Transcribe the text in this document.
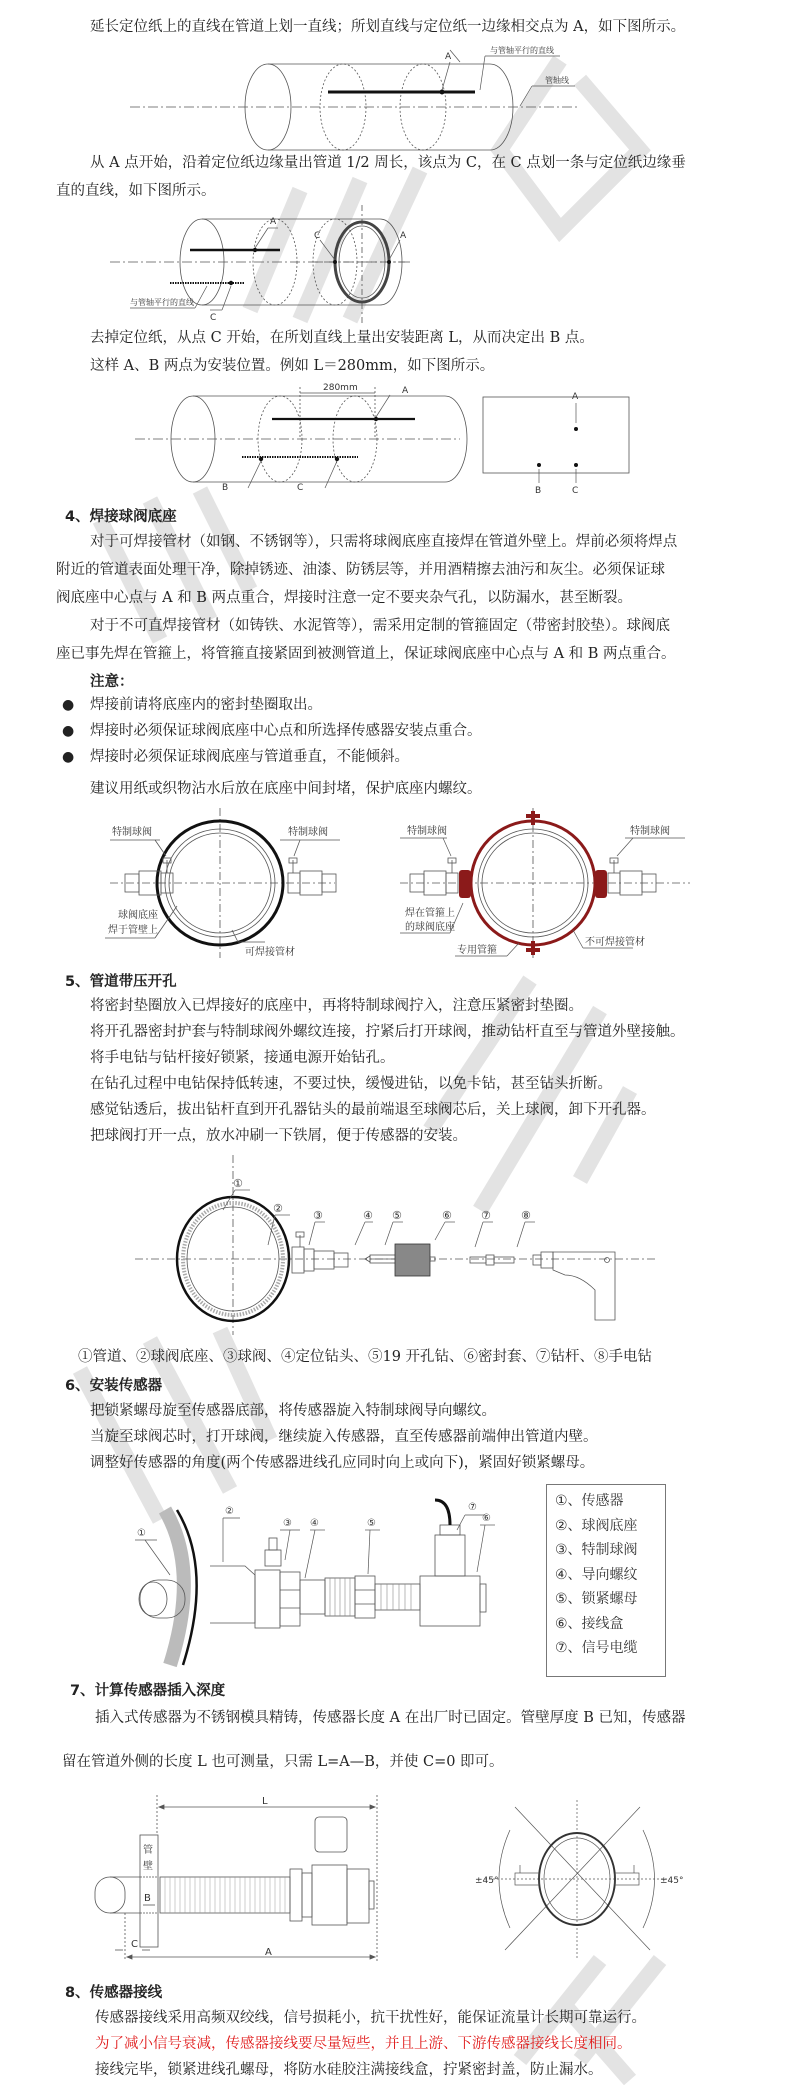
延长定位纸上的直线在管道上划一直线；所划直线与定位纸一边缘相交点为 A，如下图所示。
A
与管轴平行的直线
管轴线
从 A 点开始，沿着定位纸边缘量出管道 1/2 周长，该点为 C，在 C 点划一条与定位纸边缘垂
直的直线，如下图所示。
A
C
与管轴平行的直线
C	A
去掉定位纸，从点 C 开始，在所划直线上量出安装距离 L，从而决定出 B 点。
这样 A、B 两点为安装位置。例如 L＝280mm，如下图所示。
280mm	A
B	C
A
B	C
4、焊接球阀底座
对于可焊接管材（如钢、不锈钢等），只需将球阀底座直接焊在管道外壁上。焊前必须将焊点
附近的管道表面处理干净，除掉锈迹、油漆、防锈层等，并用酒精擦去油污和灰尘。必须保证球
阀底座中心点与 A 和 B 两点重合，焊接时注意一定不要夹杂气孔，以防漏水，甚至断裂。
对于不可直焊接管材（如铸铁、水泥管等），需采用定制的管箍固定（带密封胶垫）。球阀底
座已事先焊在管箍上，将管箍直接紧固到被测管道上，保证球阀底座中心点与 A 和 B 两点重合。
注意：
● 焊接前请将底座内的密封垫圈取出。
● 焊接时必须保证球阀底座中心点和所选择传感器安装点重合。
● 焊接时必须保证球阀底座与管道垂直，不能倾斜。
建议用纸或织物沾水后放在底座中间封堵，保护底座内螺纹。
特制球阀	特制球阀
球阀底座
焊于管壁上
可焊接管材
特制球阀	特制球阀
焊在管箍上
的球阀底座
专用管箍
不可焊接管材
5、管道带压开孔
将密封垫圈放入已焊接好的底座中，再将特制球阀拧入，注意压紧密封垫圈。
将开孔器密封护套与特制球阀外螺纹连接，拧紧后打开球阀，推动钻杆直至与管道外壁接触。
将手电钻与钻杆接好锁紧，接通电源开始钻孔。
在钻孔过程中电钻保持低转速，不要过快，缓慢进钻，以免卡钻，甚至钻头折断。
感觉钻透后，拔出钻杆直到开孔器钻头的最前端退至球阀芯后，关上球阀，卸下开孔器。
把球阀打开一点，放水冲刷一下铁屑，便于传感器的安装。
①
②
③	④ ⑤	⑥	⑦	⑧
①管道、②球阀底座、③球阀、④定位钻头、⑤19 开孔钻、⑥密封套、⑦钻杆、⑧手电钻
6、安装传感器
把锁紧螺母旋至传感器底部，将传感器旋入特制球阀导向螺纹。
当旋至球阀芯时，打开球阀，继续旋入传感器，直至传感器前端伸出管道内壁。
调整好传感器的角度(两个传感器进线孔应同时向上或向下)，紧固好锁紧螺母。
①
②
③ ④	⑤	⑥
⑦	①、传感器
②、球阀底座
③、特制球阀
④、导向螺纹
⑤、锁紧螺母
⑥、接线盒
⑦、信号电缆
7、计算传感器插入深度
插入式传感器为不锈钢模具精铸，传感器长度 A 在出厂时已固定。管壁厚度 B 已知，传感器
留在管道外侧的长度 L 也可测量，只需 L=A—B，并使 C=0 即可。
L
管
壁
B
C
A
±45°	±45°
8、传感器接线
传感器接线采用高频双绞线，信号损耗小，抗干扰性好，能保证流量计长期可靠运行。
为了减小信号衰减，传感器接线要尽量短些，并且上游、下游传感器接线长度相同。
接线完毕，锁紧进线孔螺母，将防水硅胶注满接线盒，拧紧密封盖，防止漏水。
